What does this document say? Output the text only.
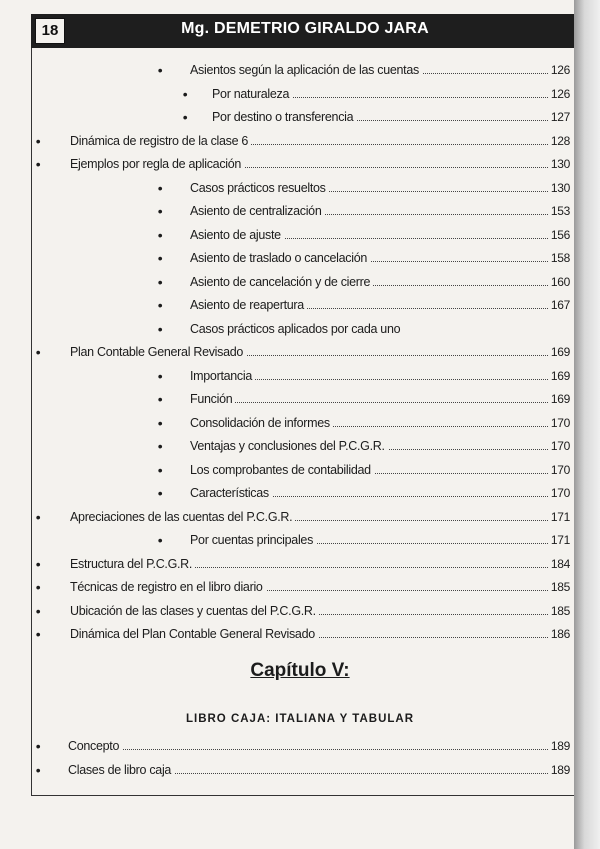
18	Mg. DEMETRIO GIRALDO JARA
• Asientos según la aplicación de las cuentas	126
• Por naturaleza	126
• Por destino o transferencia	127
• Dinámica de registro de la clase 6	128
• Ejemplos por regla de aplicación	130
• Casos prácticos resueltos	130
• Asiento de centralización	153
• Asiento de ajuste	156
• Asiento de traslado o cancelación	158
• Asiento de cancelación y de cierre	160
• Asiento de reapertura	167
• Casos prácticos aplicados por cada uno
• Plan Contable General Revisado	169
• Importancia	169
• Función	169
• Consolidación de informes	170
• Ventajas y conclusiones del P.C.G.R.	170
• Los comprobantes de contabilidad	170
• Características	170
• Apreciaciones de las cuentas del P.C.G.R.	171
• Por cuentas principales	171
• Estructura del P.C.G.R.	184
• Técnicas de registro en el libro diario	185
• Ubicación de las clases y cuentas del P.C.G.R.	185
• Dinámica del Plan Contable General Revisado	186
Capítulo V:
LIBRO CAJA: ITALIANA Y TABULAR
• Concepto	189
• Clases de libro caja	189
